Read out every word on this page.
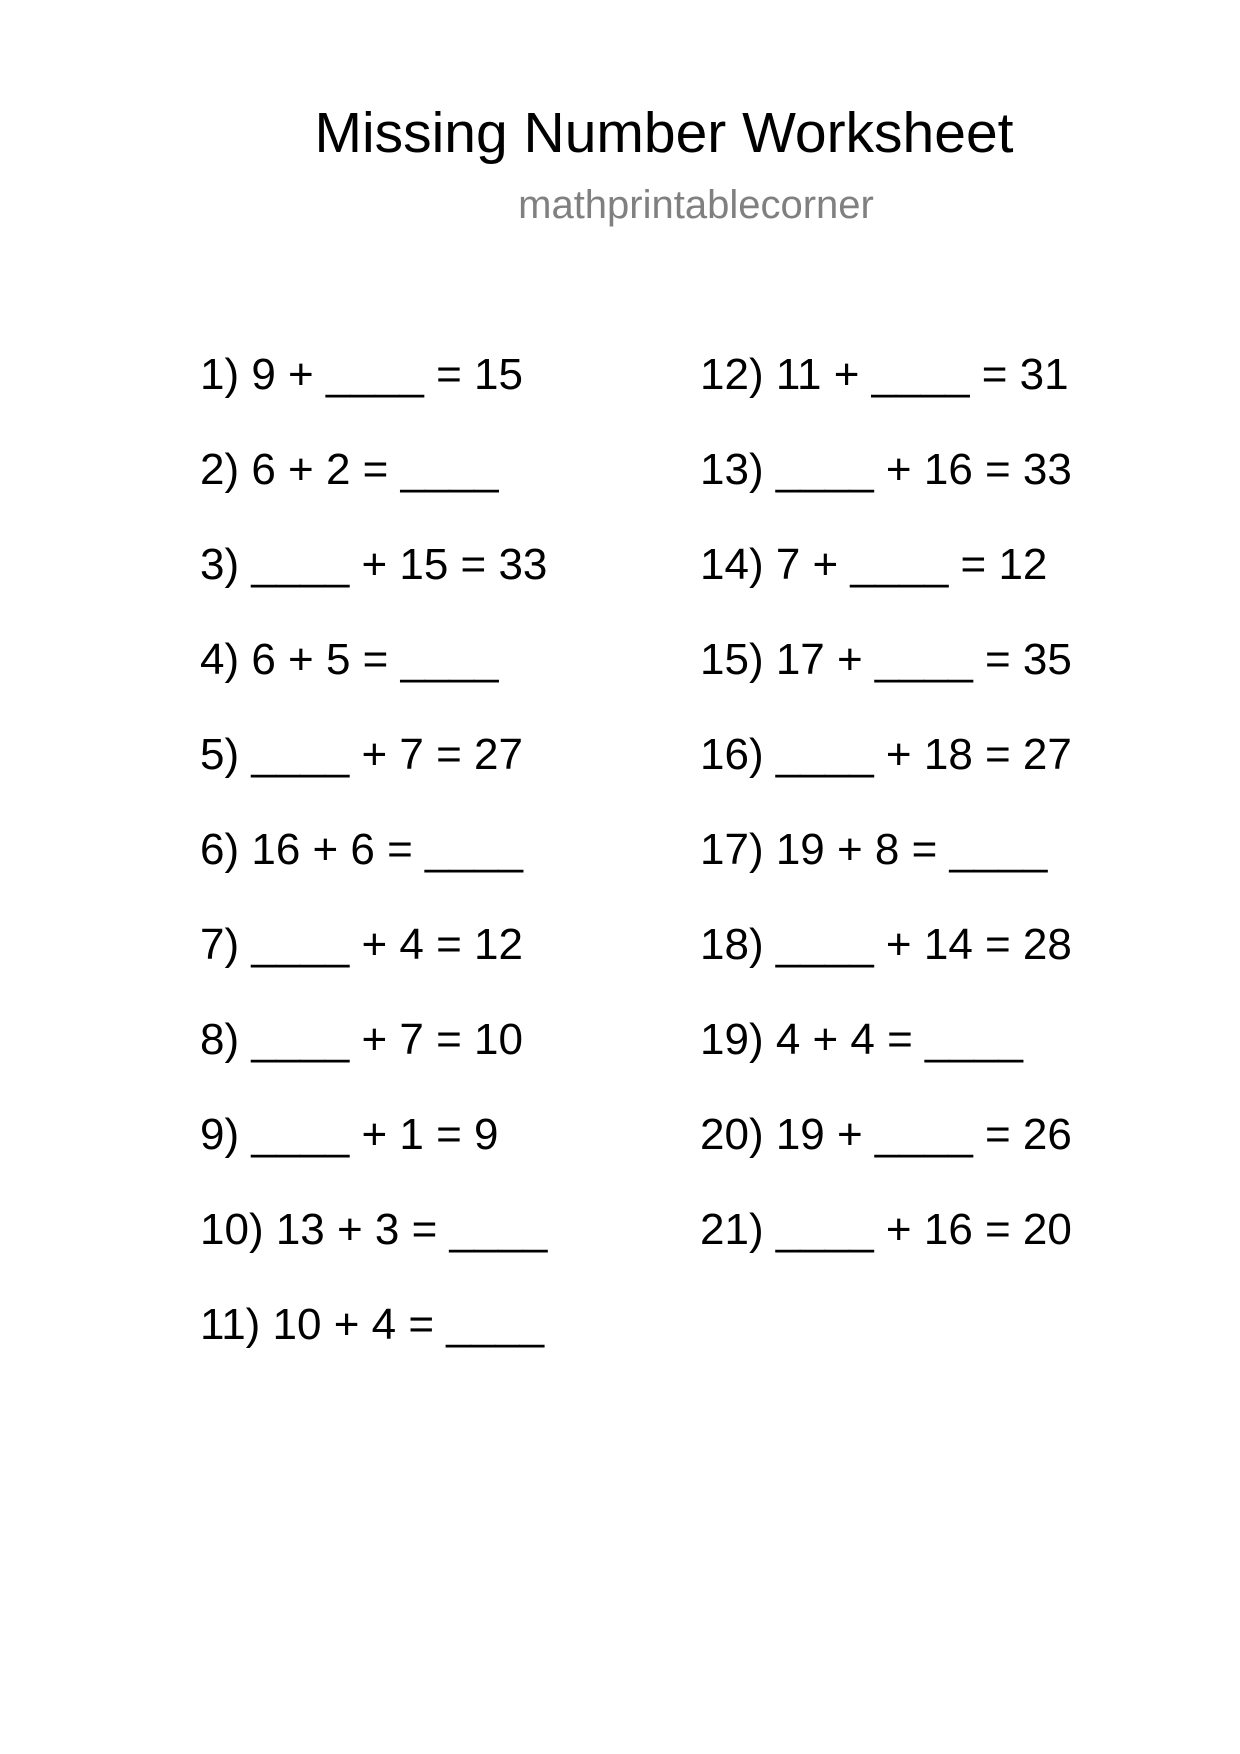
Missing Number Worksheet
mathprintablecorner
1) 9 + ____ = 15
2) 6 + 2 = ____
3) ____ + 15 = 33
4) 6 + 5 = ____
5) ____ + 7 = 27
6) 16 + 6 = ____
7) ____ + 4 = 12
8) ____ + 7 = 10
9) ____ + 1 = 9
10) 13 + 3 = ____
11) 10 + 4 = ____
12) 11 + ____ = 31
13) ____ + 16 = 33
14) 7 + ____ = 12
15) 17 + ____ = 35
16) ____ + 18 = 27
17) 19 + 8 = ____
18) ____ + 14 = 28
19) 4 + 4 = ____
20) 19 + ____ = 26
21) ____ + 16 = 20
